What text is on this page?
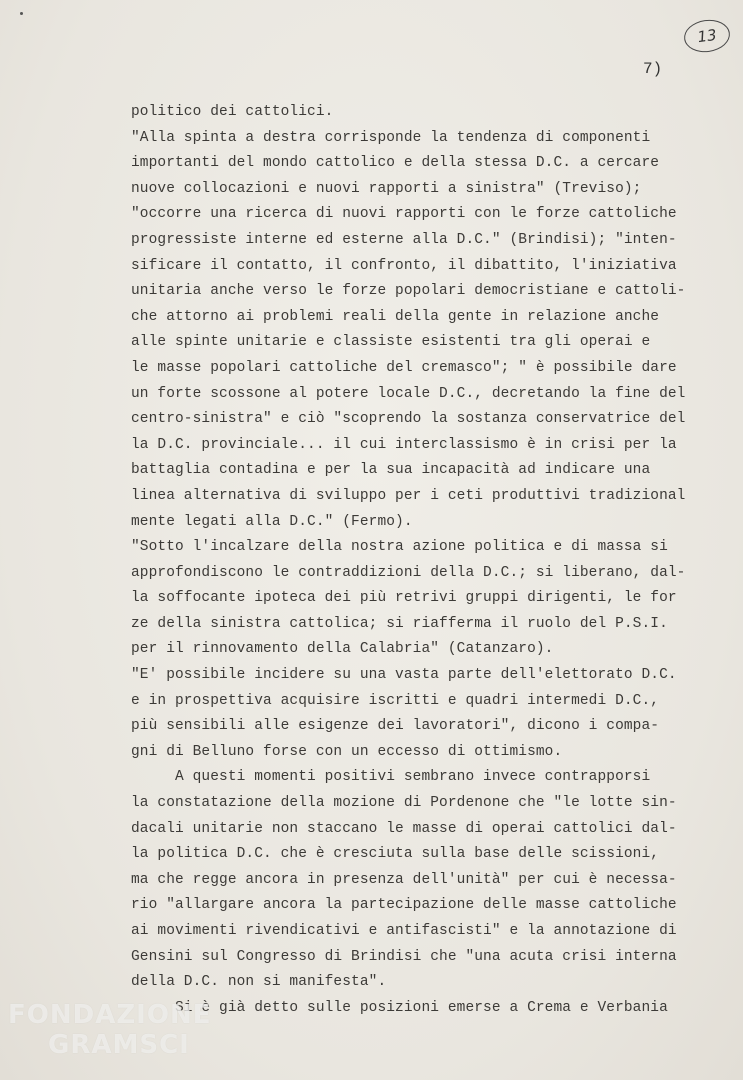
13
7)
politico dei cattolici.
"Alla spinta a destra corrisponde la tendenza di componenti
importanti del mondo cattolico e della stessa D.C. a cercare
nuove collocazioni e nuovi rapporti a sinistra" (Treviso);
"occorre una ricerca di nuovi rapporti con le forze cattoliche
progressiste interne ed esterne alla D.C." (Brindisi); "inten-
sificare il contatto, il confronto, il dibattito, l'iniziativa
unitaria anche verso le forze popolari democristiane e cattoli-
che attorno ai problemi reali della gente in relazione anche
alle spinte unitarie e classiste esistenti tra gli operai e
le masse popolari cattoliche del cremasco"; " è possibile dare
un forte scossone al potere locale D.C., decretando la fine del
centro-sinistra" e ciò "scoprendo la sostanza conservatrice del
la D.C. provinciale... il cui interclassismo è in crisi per la
battaglia contadina e per la sua incapacità ad indicare una
linea alternativa di sviluppo per i ceti produttivi tradizional
mente legati alla D.C." (Fermo).
"Sotto l'incalzare della nostra azione politica e di massa si
approfondiscono le contraddizioni della D.C.; si liberano, dal-
la soffocante ipoteca dei più retrivi gruppi dirigenti, le for
ze della sinistra cattolica; si riafferma il ruolo del P.S.I.
per il rinnovamento della Calabria" (Catanzaro).
"E' possibile incidere su una vasta parte dell'elettorato D.C.
e in prospettiva acquisire iscritti e quadri intermedi D.C.,
più sensibili alle esigenze dei lavoratori", dicono i compa-
gni di Belluno forse con un eccesso di ottimismo.
A questi momenti positivi sembrano invece contrapporsi
la constatazione della mozione di Pordenone che "le lotte sin-
dacali unitarie non staccano le masse di operai cattolici dal-
la politica D.C. che è cresciuta sulla base delle scissioni,
ma che regge ancora in presenza dell'unità" per cui è necessa-
rio "allargare ancora la partecipazione delle masse cattoliche
ai movimenti rivendicativi e antifascisti" e la annotazione di
Gensini sul Congresso di Brindisi che "una acuta crisi interna
della D.C. non si manifesta".
Si è già detto sulle posizioni emerse a Crema e Verbania
FONDAZIONE
GRAMSCI
